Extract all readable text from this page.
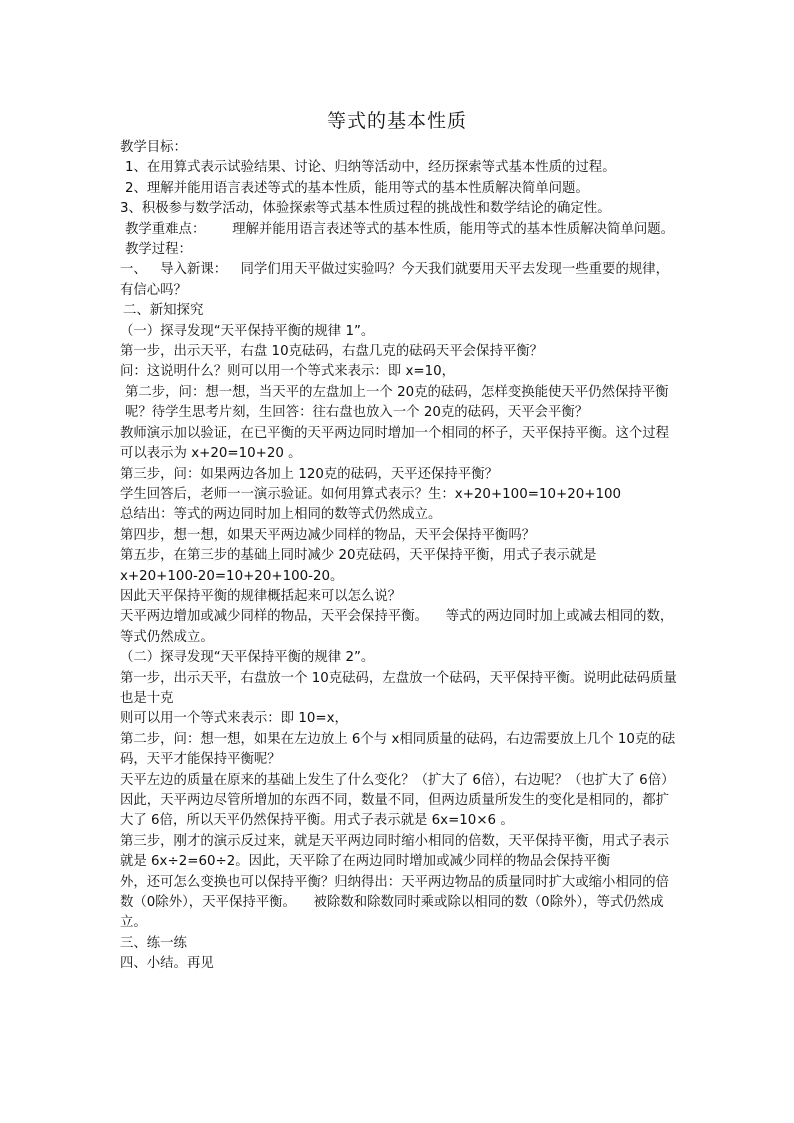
等式的基本性质

教学目标：

1、在用算式表示试验结果、讨论、归纳等活动中，经历探索等式基本性质的过程。

2、理解并能用语言表述等式的基本性质，能用等式的基本性质解决简单问题。

3、积极参与数学活动，体验探索等式基本性质过程的挑战性和数学结论的确定性。

教学重难点：  理解并能用语言表述等式的基本性质，能用等式的基本性质解决简单问题。 教学过程：

一、 导入新课： 同学们用天平做过实验吗？今天我们就要用天平去发现一些重要的规律，有信心吗？

二、新知探究

（一）探寻发现“天平保持平衡的规律 1”。

第一步，出示天平，右盘 10克砝码，右盘几克的砝码天平会保持平衡？

问：这说明什么？则可以用一个等式来表示：即 x=10，

第二步，问：想一想，当天平的左盘加上一个 20克的砝码，怎样变换能使天平仍然保持平衡呢？待学生思考片刻，生回答：往右盘也放入一个 20克的砝码，天平会平衡？

教师演示加以验证，在已平衡的天平两边同时增加一个相同的杯子，天平保持平衡。这个过程可以表示为 x+20=10+20 。

第三步，问：如果两边各加上 120克的砝码，天平还保持平衡？

学生回答后，老师一一演示验证。如何用算式表示？生：x+20+100=10+20+100

总结出：等式的两边同时加上相同的数等式仍然成立。

第四步，想一想，如果天平两边减少同样的物品，天平会保持平衡吗？

第五步，在第三步的基础上同时减少 20克砝码，天平保持平衡，用式子表示就是

x+20+100-20=10+20+100-20。

因此天平保持平衡的规律概括起来可以怎么说？

天平两边增加或减少同样的物品，天平会保持平衡。  等式的两边同时加上或减去相同的数，等式仍然成立。

（二）探寻发现“天平保持平衡的规律 2”。

第一步，出示天平，右盘放一个 10克砝码，左盘放一个砝码，天平保持平衡。说明此砝码质量也是十克

则可以用一个等式来表示：即 10=x，

第二步，问：想一想，如果在左边放上 6个与 x相同质量的砝码，右边需要放上几个 10克的砝码，天平才能保持平衡呢？

天平左边的质量在原来的基础上发生了什么变化？（扩大了 6倍），右边呢？（也扩大了 6倍）因此，天平两边尽管所增加的东西不同，数量不同，但两边质量所发生的变化是相同的，都扩大了 6倍，所以天平仍然保持平衡。用式子表示就是 6x=10×6 。

第三步，刚才的演示反过来，就是天平两边同时缩小相同的倍数，天平保持平衡，用式子表示就是 6x÷2=60÷2。因此，天平除了在两边同时增加或减少同样的物品会保持平衡

外，还可怎么变换也可以保持平衡？归纳得出：天平两边物品的质量同时扩大或缩小相同的倍数（0除外），天平保持平衡。  被除数和除数同时乘或除以相同的数（0除外），等式仍然成立。

三、练一练

四、小结。再见
